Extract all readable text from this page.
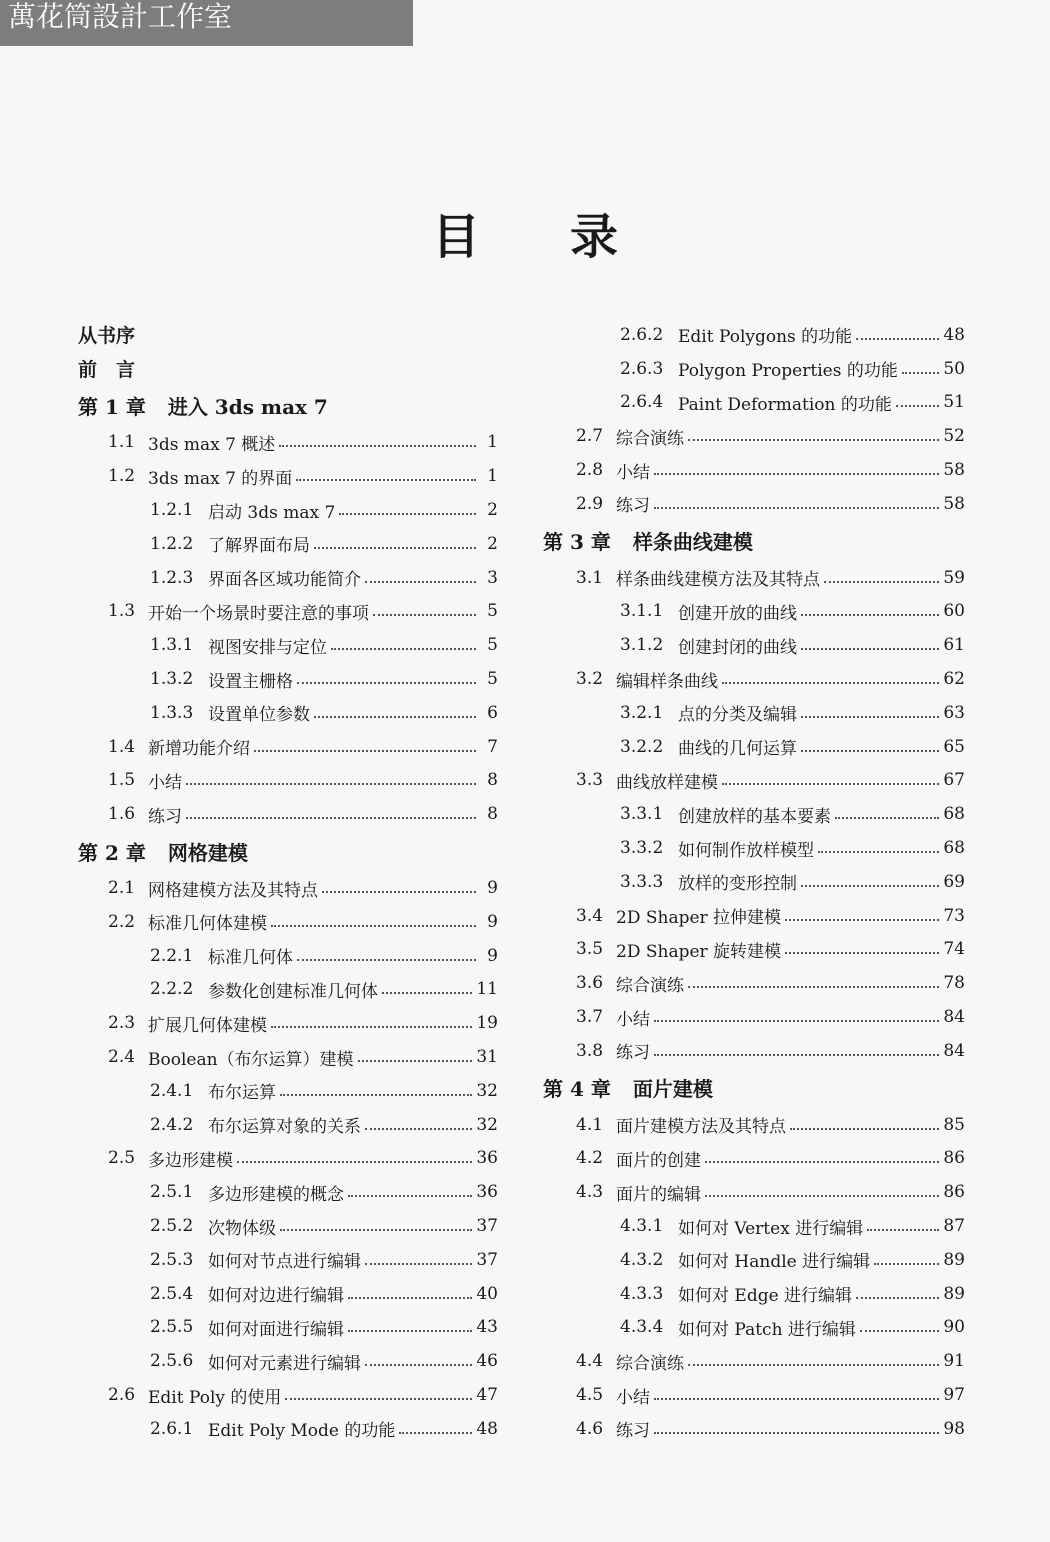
萬花筒設計工作室
目录
从书序
前　言
第 1 章	进入 3ds max 7
1.1 3ds max 7 概述	1
1.2 3ds max 7 的界面	1
1.2.1 启动 3ds max 7	2
1.2.2 了解界面布局	2
1.2.3 界面各区域功能简介	3
1.3 开始一个场景时要注意的事项	5
1.3.1 视图安排与定位	5
1.3.2 设置主栅格	5
1.3.3 设置单位参数	6
1.4 新增功能介绍	7
1.5 小结	8
1.6 练习	8
第 2 章	网格建模
2.1 网格建模方法及其特点	9
2.2 标准几何体建模	9
2.2.1 标准几何体	9
2.2.2 参数化创建标准几何体	11
2.3 扩展几何体建模	19
2.4 Boolean（布尔运算）建模	31
2.4.1 布尔运算	32
2.4.2 布尔运算对象的关系	32
2.5 多边形建模	36
2.5.1 多边形建模的概念	36
2.5.2 次物体级	37
2.5.3 如何对节点进行编辑	37
2.5.4 如何对边进行编辑	40
2.5.5 如何对面进行编辑	43
2.5.6 如何对元素进行编辑	46
2.6 Edit Poly 的使用	47
2.6.1 Edit Poly Mode 的功能	48
2.6.2 Edit Polygons 的功能	48
2.6.3 Polygon Properties 的功能	50
2.6.4 Paint Deformation 的功能	51
2.7 综合演练	52
2.8 小结	58
2.9 练习	58
第 3 章	样条曲线建模
3.1 样条曲线建模方法及其特点	59
3.1.1 创建开放的曲线	60
3.1.2 创建封闭的曲线	61
3.2 编辑样条曲线	62
3.2.1 点的分类及编辑	63
3.2.2 曲线的几何运算	65
3.3 曲线放样建模	67
3.3.1 创建放样的基本要素	68
3.3.2 如何制作放样模型	68
3.3.3 放样的变形控制	69
3.4 2D Shaper 拉伸建模	73
3.5 2D Shaper 旋转建模	74
3.6 综合演练	78
3.7 小结	84
3.8 练习	84
第 4 章	面片建模
4.1 面片建模方法及其特点	85
4.2 面片的创建	86
4.3 面片的编辑	86
4.3.1 如何对 Vertex 进行编辑	87
4.3.2 如何对 Handle 进行编辑	89
4.3.3 如何对 Edge 进行编辑	89
4.3.4 如何对 Patch 进行编辑	90
4.4 综合演练	91
4.5 小结	97
4.6 练习	98
